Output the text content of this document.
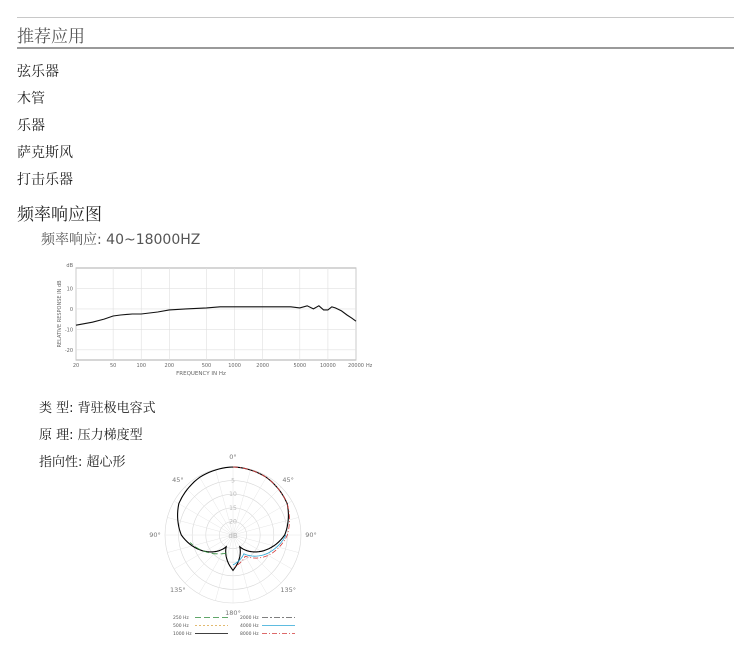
推荐应用
弦乐器
木管
乐器
萨克斯风
打击乐器
频率响应图
频率响应: 40~18000HZ
20	50	100	200	500	1000	2000	5000	10000 20000 Hz
10
0
-10
-20
dB
FREQUENCY IN Hz
RELATIVE RESPONSE IN dB
类 型: 背驻极电容式
原 理: 压力梯度型
指向性: 超心形
5
10
15
20
dB
0°
45°
90°
135°
180°
135°
90°
45°
250 Hz
500 Hz
1000 Hz
2000 Hz
4000 Hz
8000 Hz
